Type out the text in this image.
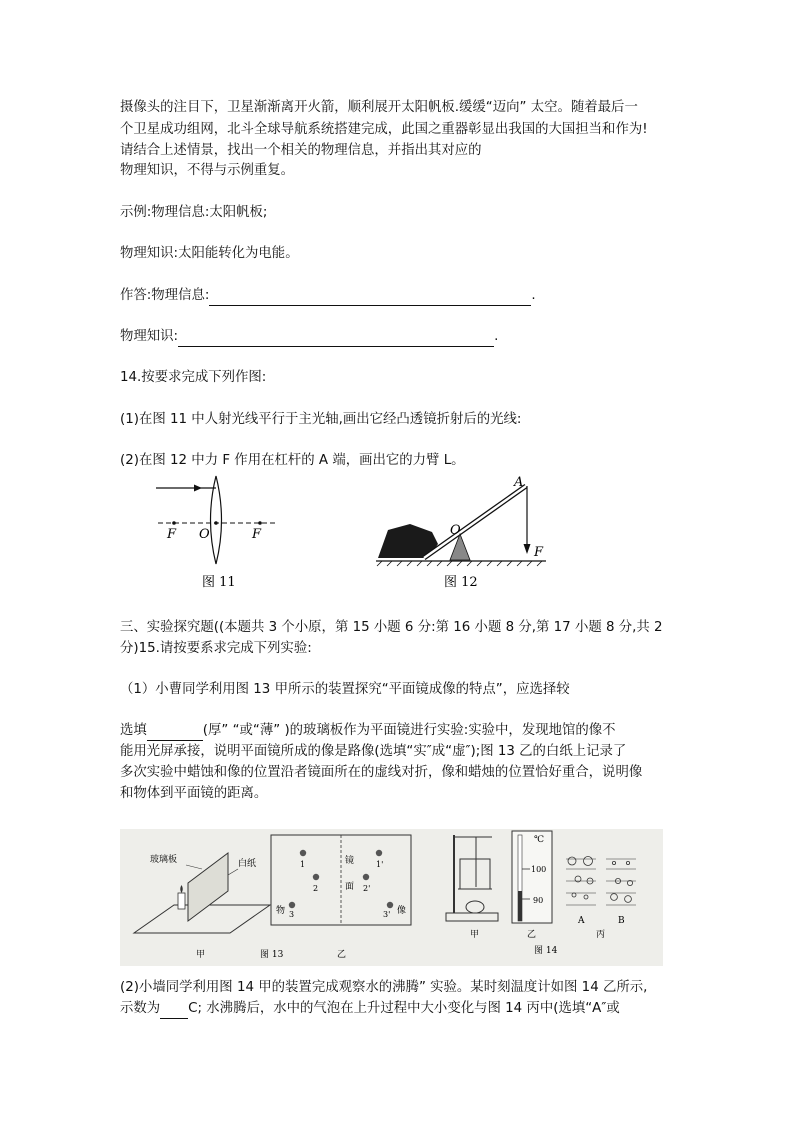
摄像头的注目下，卫星渐渐离开火箭，顺利展开太阳帆板.缓缓“迈向” 太空。随着最后一
个卫星成功组网，北斗全球导航系统搭建完成，此国之重器彰显出我国的大国担当和作为!
请结合上述情景，找出一个相关的物理信息，并指出其对应的
物理知识，不得与示例重复。
示例:物理信息:太阳帆板;
物理知识:太阳能转化为电能。
作答:物理信息:	.
物理知识:	.
14.按要求完成下列作图:
(1)在图 11 中人射光线平行于主光轴,画出它经凸透镜折射后的光线:
(2)在图 12 中力 F 作用在杠杆的 A 端，画出它的力臂 L。
F O	F
图 11
A
O
F
图 12
三、实验探究题((本题共 3 个小原，第 15 小题 6 分:第 16 小题 8 分,第 17 小题 8 分,共 2
分)15.请按要系求完成下列实验:
（1）小曹同学利用图 13 甲所示的装置探究“平面镜成像的特点”，应选择较
选填	(厚” “或“薄” )的玻璃板作为平面镜进行实验:实验中，发现地馆的像不
能用光屏承接，说明平面镜所成的像是路像(选填“实″成“虚″);图 13 乙的白纸上记录了
多次实验中蜡蚀和像的位置沿者镜面所在的虚线对折，像和蜡烛的位置恰好重合，说明像
和物体到平面镜的距离。
玻璃板	白纸
甲
1
2
3
1'
2'
3'
镜
面
物	像
乙
图 13
甲
℃
100
90
乙
图 14
A	B
丙
(2)小墙同学利用图 14 甲的装置完成观察水的沸腾” 实验。某时刻温度计如图 14 乙所示,
示数为 C; 水沸腾后，水中的气泡在上升过程中大小变化与图 14 丙中(选填“A″或
